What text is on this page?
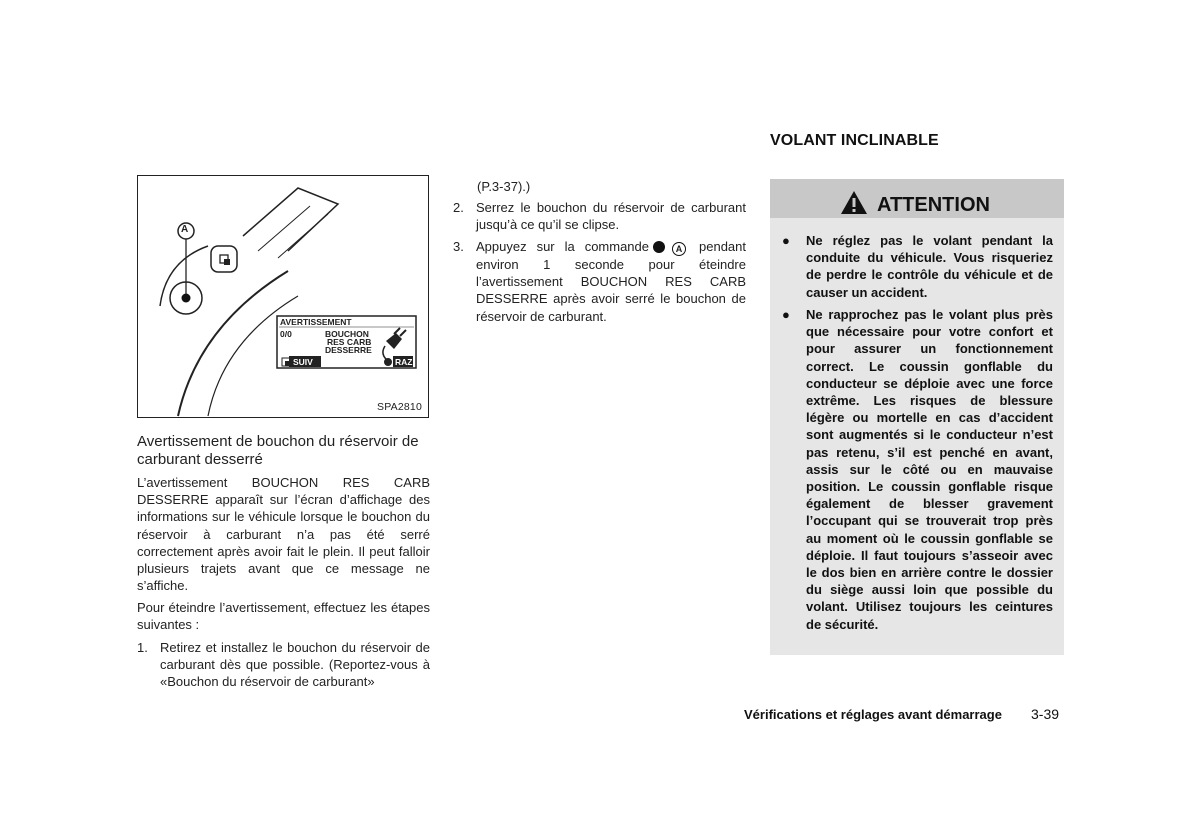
A
AVERTISSEMENT
0/0	BOUCHON
RES CARB
DESSERRE
SUIV	RAZ
SPA2810
Avertissement de bouchon du réservoir de carburant desserré

L’avertissement BOUCHON RES CARB DESSERRE apparaît sur l’écran d’affichage des informations sur le véhicule lorsque le bouchon du réservoir à carburant n’a pas été serré correctement après avoir fait le plein. Il peut falloir plusieurs trajets avant que ce message ne s’affiche.

Pour éteindre l’avertissement, effectuez les étapes suivantes :

1. Retirez et installez le bouchon du réservoir de carburant dès que possible. (Reportez-vous à «Bouchon du réservoir de carburant»

(P.3-37).)

2. Serrez le bouchon du réservoir de carburant jusqu’à ce qu’il se clipse.

3. Appuyez sur la commande	A pendant environ 1 seconde pour éteindre l’avertissement BOUCHON RES CARB DESSERRE après avoir serré le bouchon de réservoir de carburant.

VOLANT INCLINABLE
ATTENTION
● Ne réglez pas le volant pendant la conduite du véhicule. Vous risqueriez de perdre le contrôle du véhicule et de causer un accident.

● Ne rapprochez pas le volant plus près que nécessaire pour votre confort et pour assurer un fonctionnement correct. Le coussin gonflable du conducteur se déploie avec une force extrême. Les risques de blessure légère ou mortelle en cas d’accident sont augmentés si le conducteur n’est pas retenu, s’il est penché en avant, assis sur le côté ou en mauvaise position. Le coussin gonflable risque également de blesser gravement l’occupant qui se trouverait trop près au moment où le coussin gonflable se déploie. Il faut toujours s’asseoir avec le dos bien en arrière contre le dossier du siège aussi loin que possible du volant. Utilisez toujours les ceintures de sécurité.

Vérifications et réglages avant démarrage 3-39
